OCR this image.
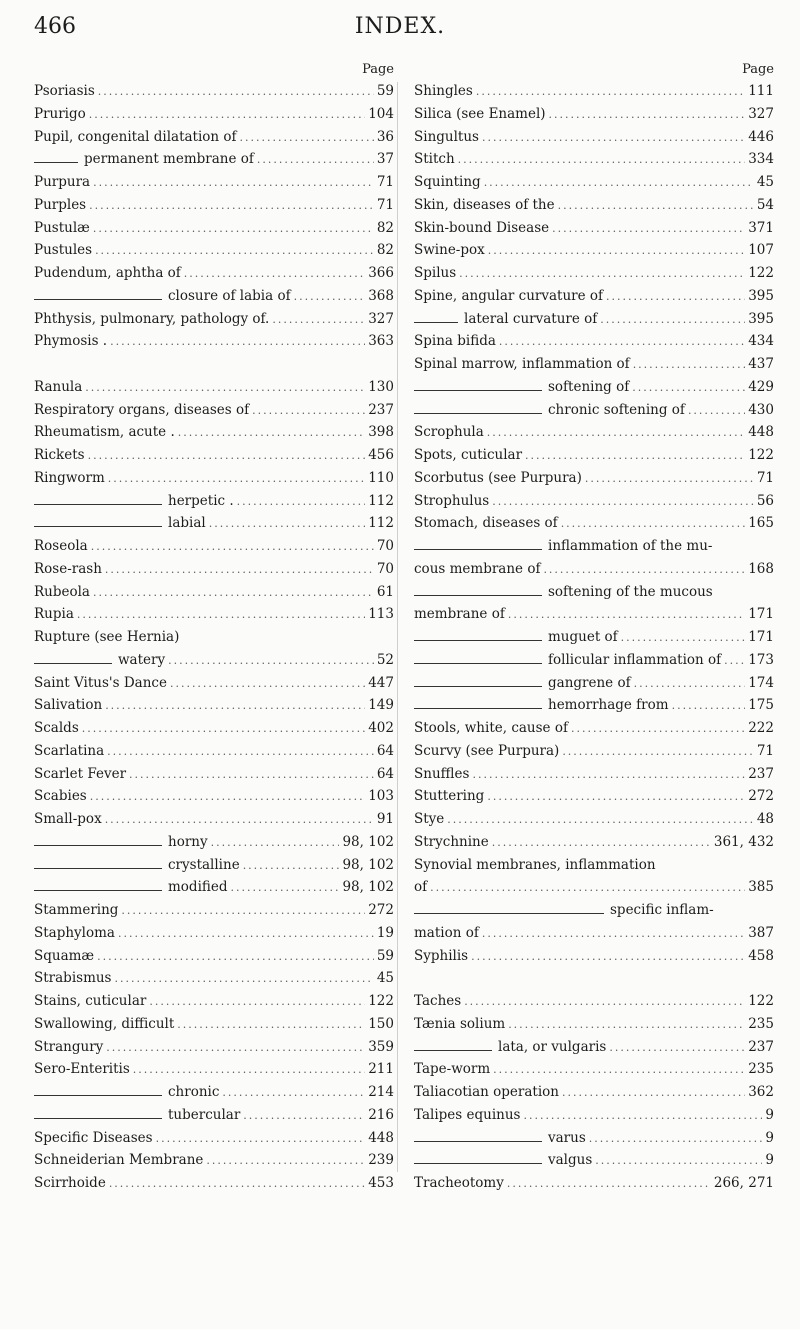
466	INDEX.
Page
Psoriasis .....	59
Prurigo .....	104
Pupil, congenital dilatation of .....	36
permanent membrane of .....	37
Purpura .....	71
Purples .....	71
Pustulæ .....	82
Pustules .....	82
Pudendum, aphtha of .....	366
closure of labia of .....	368
Phthysis, pulmonary, pathology of. .....	327
Phymosis . .....	363
Ranula .....	130
Respiratory organs, diseases of .....	237
Rheumatism, acute . .....	398
Rickets .....	456
Ringworm .....	110
herpetic . .....	112
labial .....	112
Roseola .....	70
Rose-rash .....	70
Rubeola .....	61
Rupia .....	113
Rupture (see Hernia)
watery .....	52
Saint Vitus's Dance .....	447
Salivation .....	149
Scalds .....	402
Scarlatina .....	64
Scarlet Fever .....	64
Scabies .....	103
Small-pox .....	91
horny .....	98, 102
crystalline .....	98, 102
modified .....	98, 102
Stammering .....	272
Staphyloma .....	19
Squamæ .....	59
Strabismus .....	45
Stains, cuticular .....	122
Swallowing, difficult .....	150
Strangury .....	359
Sero-Enteritis .....	211
chronic .....	214
tubercular .....	216
Specific Diseases .....	448
Schneiderian Membrane .....	239
Scirrhoide .....	453
Page
Shingles .....	111
Silica (see Enamel) .....	327
Singultus .....	446
Stitch .....	334
Squinting .....	45
Skin, diseases of the .....	54
Skin-bound Disease .....	371
Swine-pox .....	107
Spilus .....	122
Spine, angular curvature of .....	395
lateral curvature of .....	395
Spina bifida .....	434
Spinal marrow, inflammation of .....	437
softening of .....	429
chronic softening of .....	430
Scrophula .....	448
Spots, cuticular .....	122
Scorbutus (see Purpura) .....	71
Strophulus .....	56
Stomach, diseases of .....	165
inflammation of the mu-
cous membrane of .....	168
softening of the mucous
membrane of .....	171
muguet of .....	171
follicular inflammation of ..... 173
gangrene of .....	174
hemorrhage from .....	175
Stools, white, cause of .....	222
Scurvy (see Purpura) .....	71
Snuffles .....	237
Stuttering .....	272
Stye .....	48
Strychnine .....	361, 432
Synovial membranes, inflammation
of .....	385
specific inflam-
mation of .....	387
Syphilis .....	458
Taches .....	122
Tænia solium .....	235
lata, or vulgaris .....	237
Tape-worm .....	235
Taliacotian operation .....	362
Talipes equinus .....	9
varus .....	9
valgus .....	9
Tracheotomy .....	266, 271
